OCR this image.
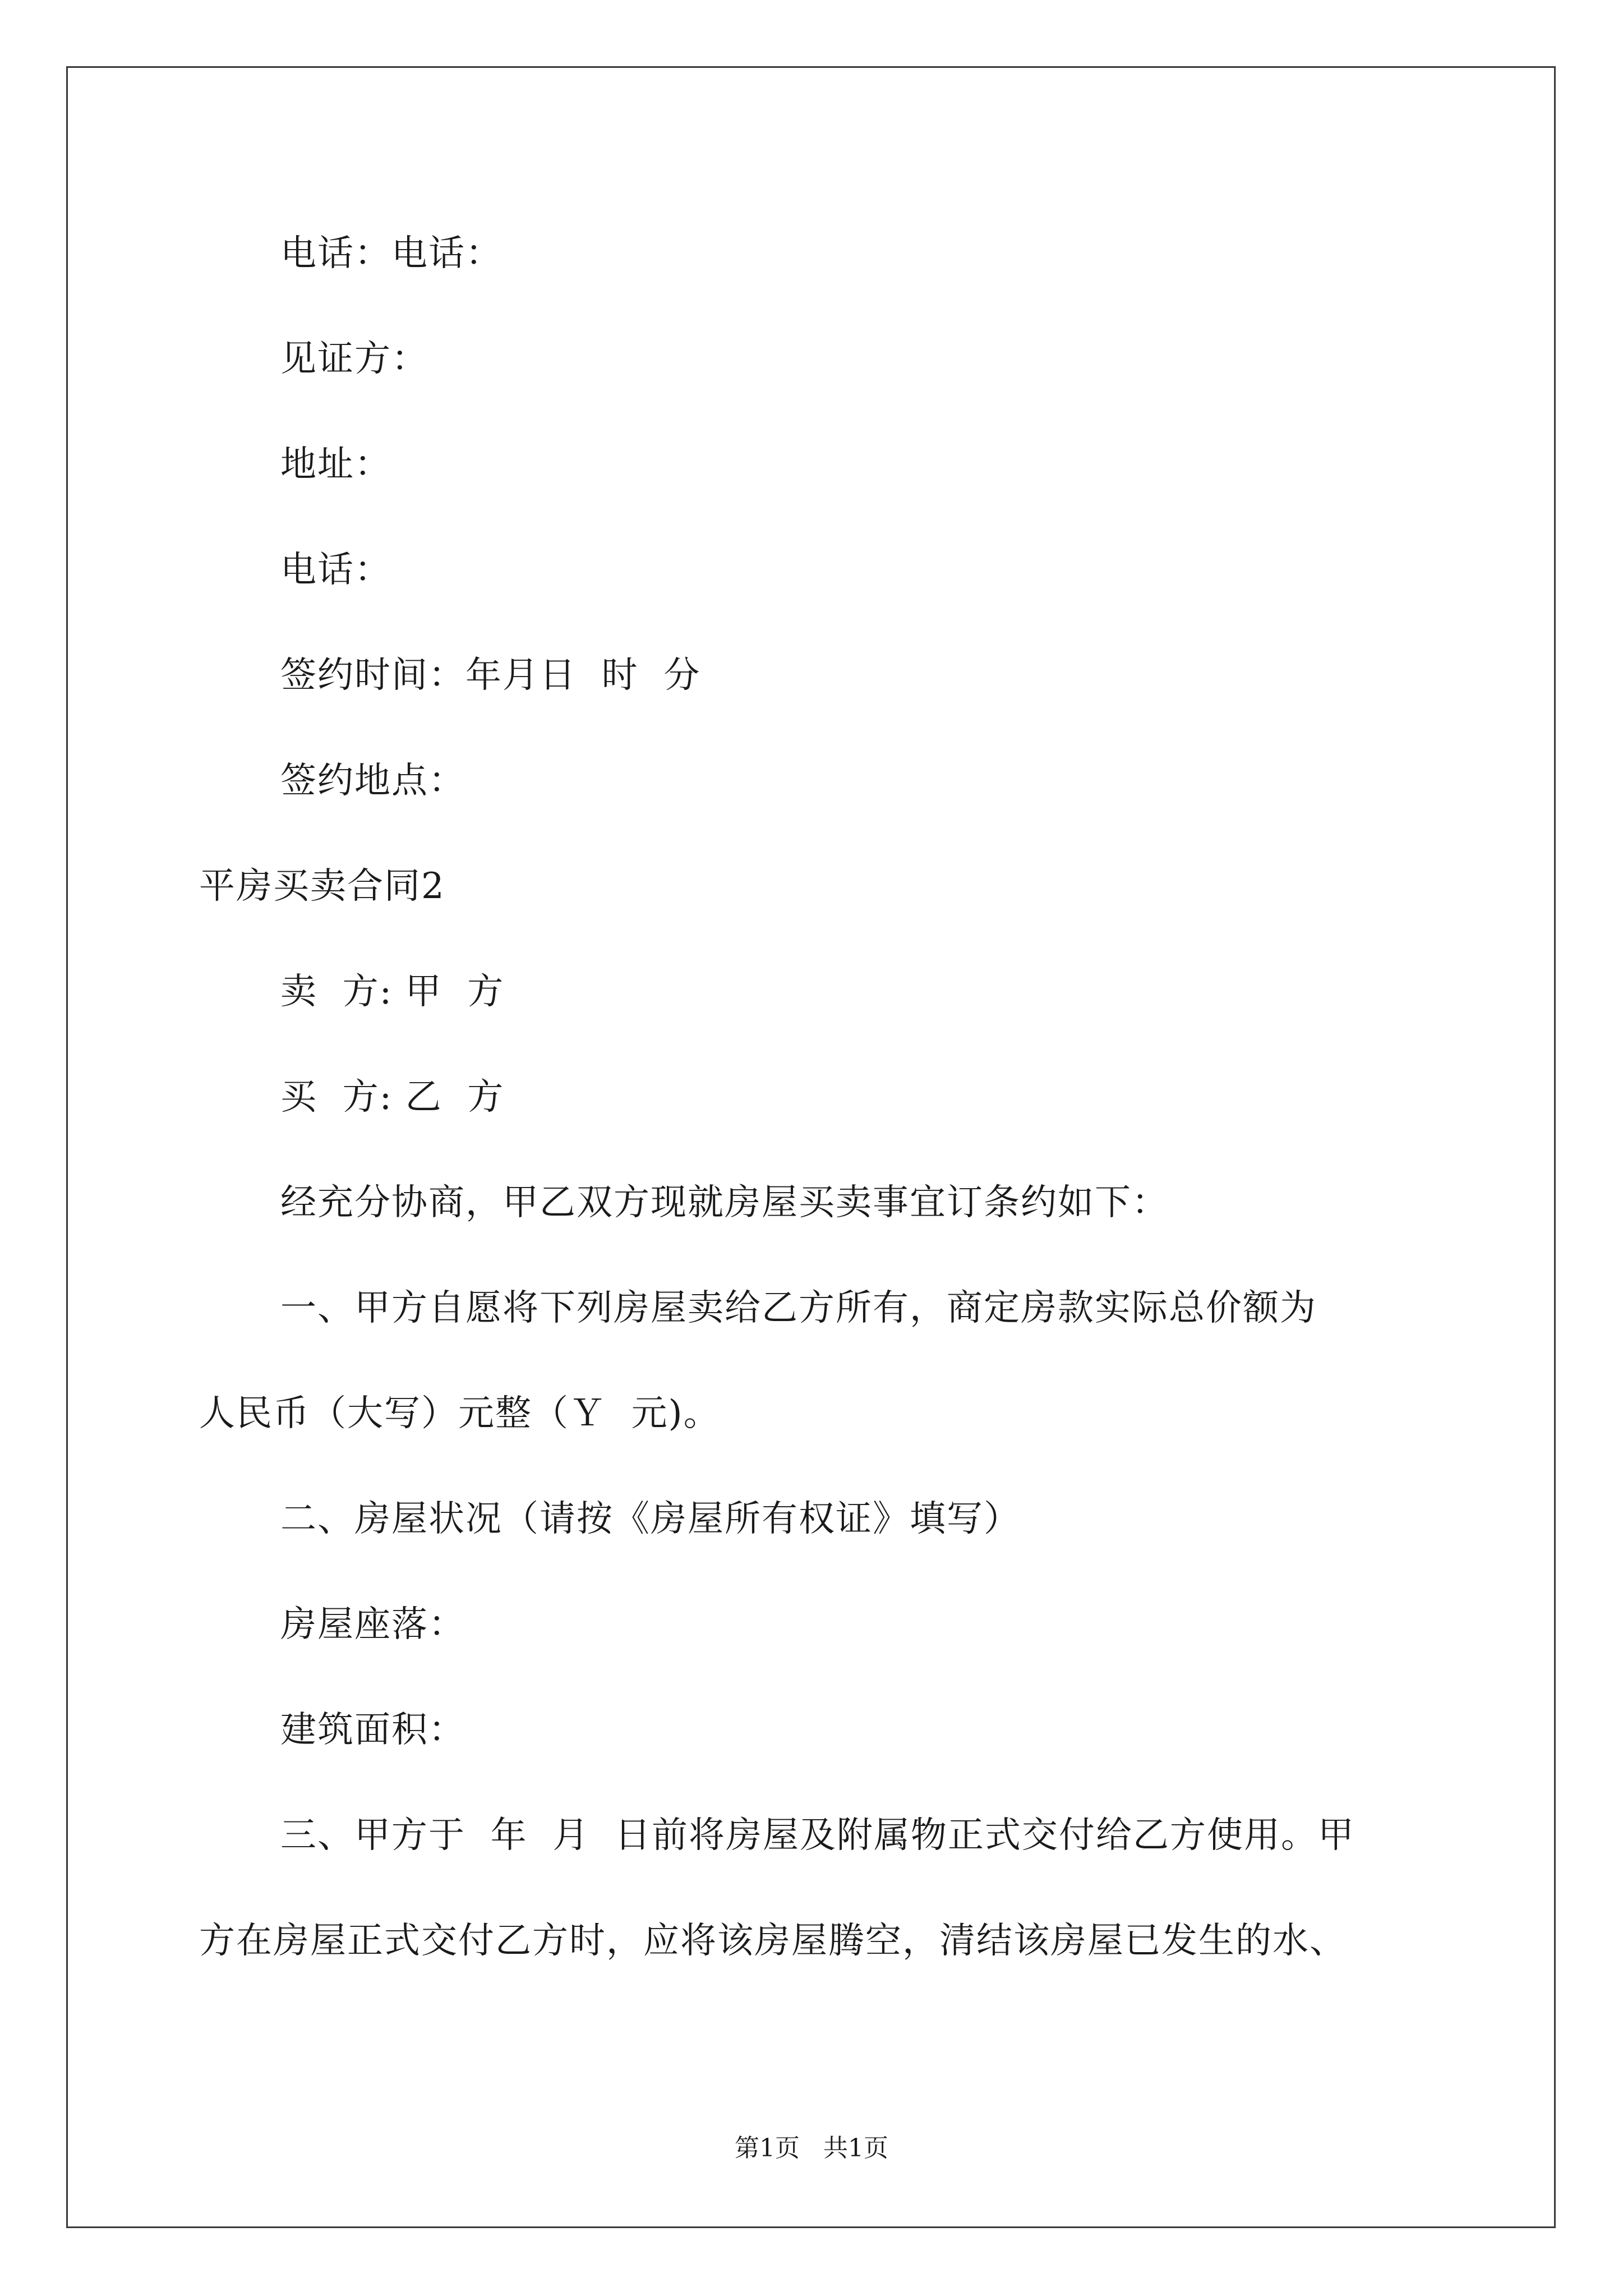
电话：电话：
见证方：
地址：
电话：
签约时间：年月日  时  分
签约地点：
平房买卖合同2
卖  方: 甲  方
买  方: 乙  方
经充分协商，甲乙双方现就房屋买卖事宜订条约如下：
一、甲方自愿将下列房屋卖给乙方所有，商定房款实际总价额为
人民币（大写）元整（Ｙ  元)。
二、房屋状况（请按《房屋所有权证》填写）
房屋座落：
建筑面积：
三、甲方于  年  月  日前将房屋及附属物正式交付给乙方使用。甲
方在房屋正式交付乙方时，应将该房屋腾空，清结该房屋已发生的水、
第1页   共1页
